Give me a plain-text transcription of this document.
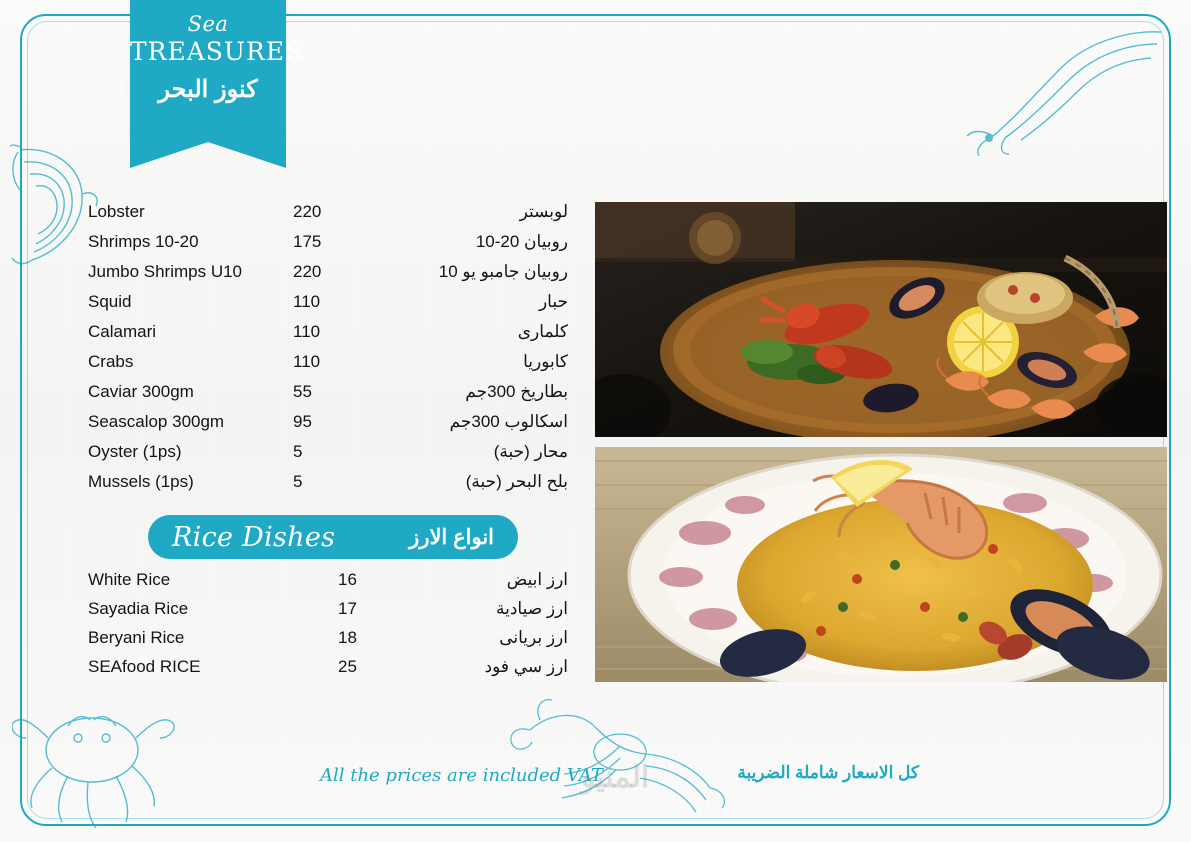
Sea
TREASURES
كنوز البحر
Lobster	220	لوبستر
Shrimps 10-20	175	روبيان 20-10
Jumbo Shrimps U10	220	روبيان جامبو يو 10
Squid	110	حبار
Calamari	110	كلمارى
Crabs	110	كابوريا
Caviar 300gm	55	بطاريخ 300جم
Seascalop 300gm	95	اسكالوب 300جم
Oyster (1ps)	5	محار (حبة)
Mussels (1ps)	5	بلح البحر (حبة)
Rice Dishes	انواع الارز
White Rice	16	ارز ابيض
Sayadia Rice	17	ارز صيادية
Beryani Rice	18	ارز بريانى
SEAfood RICE	25	ارز سي فود
All the prices are included VAT
المنيو	كل الاسعار شاملة الضريبة
